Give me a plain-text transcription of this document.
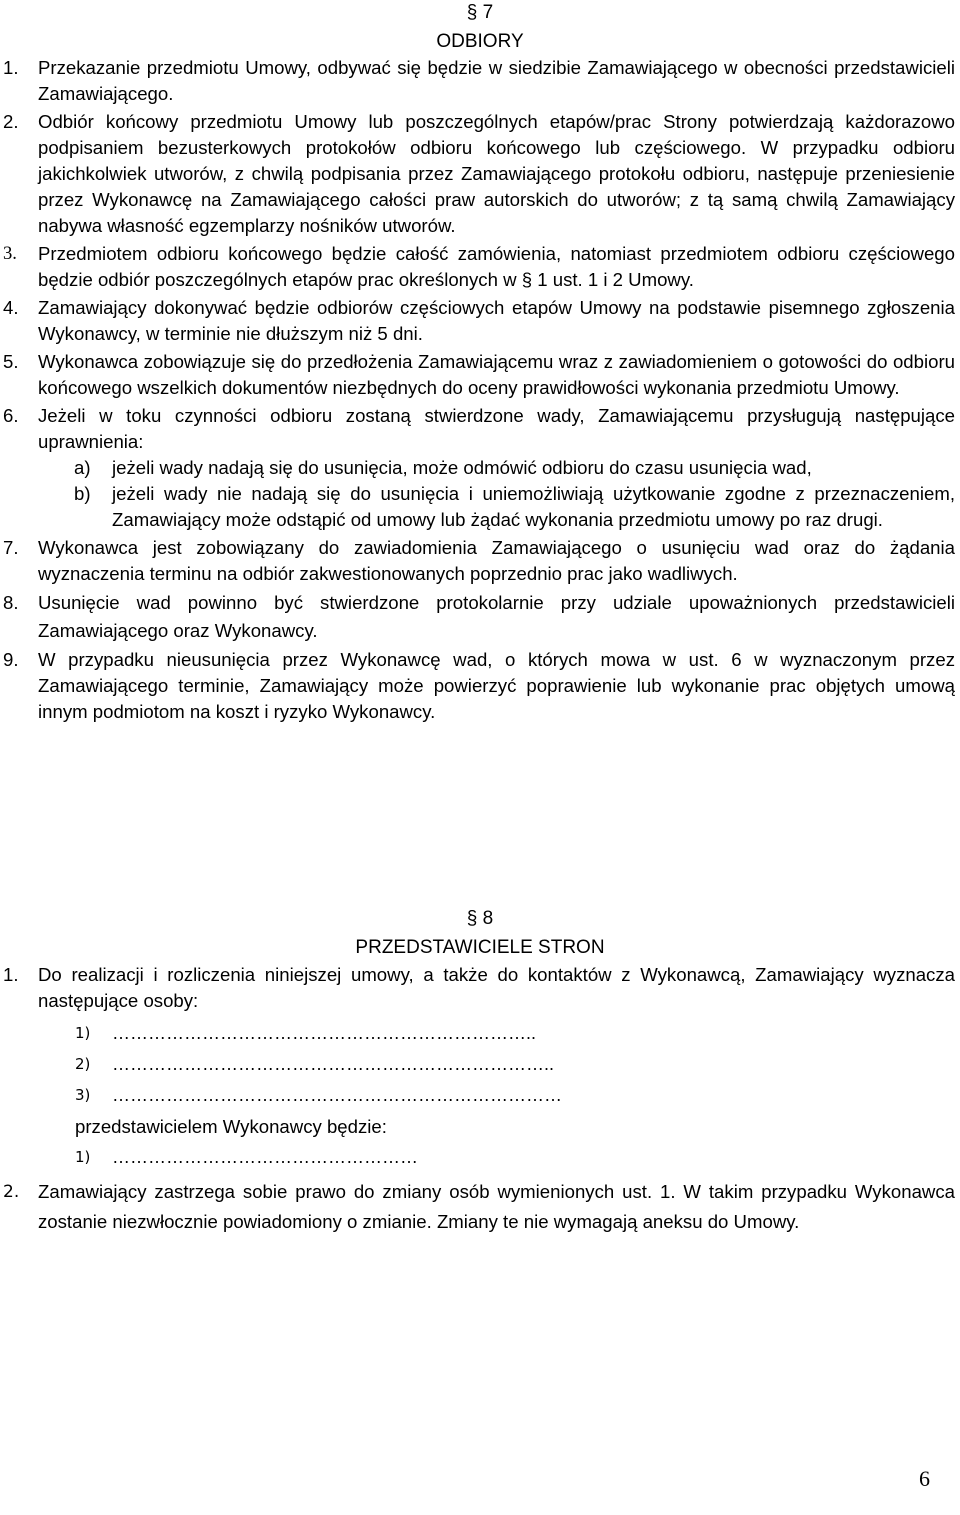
§ 7

ODBIORY

1. Przekazanie przedmiotu Umowy, odbywać się będzie w siedzibie Zamawiającego w obecności przedstawicieli Zamawiającego.
2. Odbiór końcowy przedmiotu Umowy lub poszczególnych etapów/prac Strony potwierdzają każdorazowo podpisaniem bezusterkowych protokołów odbioru końcowego lub częściowego. W przypadku odbioru jakichkolwiek utworów, z chwilą podpisania przez Zamawiającego protokołu odbioru, następuje przeniesienie przez Wykonawcę na Zamawiającego całości praw autorskich do utworów; z tą samą chwilą Zamawiający nabywa własność egzemplarzy nośników utworów.
3. Przedmiotem odbioru końcowego będzie całość zamówienia, natomiast przedmiotem odbioru częściowego będzie odbiór poszczególnych etapów prac określonych w § 1 ust. 1 i 2 Umowy.
4. Zamawiający dokonywać będzie odbiorów częściowych etapów Umowy na podstawie pisemnego zgłoszenia Wykonawcy, w terminie nie dłuższym niż 5 dni.
5. Wykonawca zobowiązuje się do przedłożenia Zamawiającemu wraz z zawiadomieniem o gotowości do odbioru końcowego wszelkich dokumentów niezbędnych do oceny prawidłowości wykonania przedmiotu Umowy.
6. Jeżeli w toku czynności odbioru zostaną stwierdzone wady, Zamawiającemu przysługują następujące uprawnienia:
a) jeżeli wady nadają się do usunięcia, może odmówić odbioru do czasu usunięcia wad,
b) jeżeli wady nie nadają się do usunięcia i uniemożliwiają użytkowanie zgodne z przeznaczeniem, Zamawiający może odstąpić od umowy lub żądać wykonania przedmiotu umowy po raz drugi.
7. Wykonawca jest zobowiązany do zawiadomienia Zamawiającego o usunięciu wad oraz do żądania wyznaczenia terminu na odbiór zakwestionowanych poprzednio prac jako wadliwych.
8. Usunięcie wad powinno być stwierdzone protokolarnie przy udziale upoważnionych przedstawicieli Zamawiającego oraz Wykonawcy.
9. W przypadku nieusunięcia przez Wykonawcę wad, o których mowa w ust. 6 w wyznaczonym przez Zamawiającego terminie, Zamawiający może powierzyć poprawienie lub wykonanie prac objętych umową innym podmiotom na koszt i ryzyko Wykonawcy.

§ 8

PRZEDSTAWICIELE STRON

1. Do realizacji i rozliczenia niniejszej umowy, a także do kontaktów z Wykonawcą, Zamawiający wyznacza następujące osoby:
1) ……………………………………………………………..
2) ………………………………………………………………..
3) …………………………………………………………………
przedstawicielem Wykonawcy będzie:
1) ……………………………………………
2. Zamawiający zastrzega sobie prawo do zmiany osób wymienionych ust. 1. W takim przypadku Wykonawca zostanie niezwłocznie powiadomiony o zmianie. Zmiany te nie wymagają aneksu do Umowy.
6
